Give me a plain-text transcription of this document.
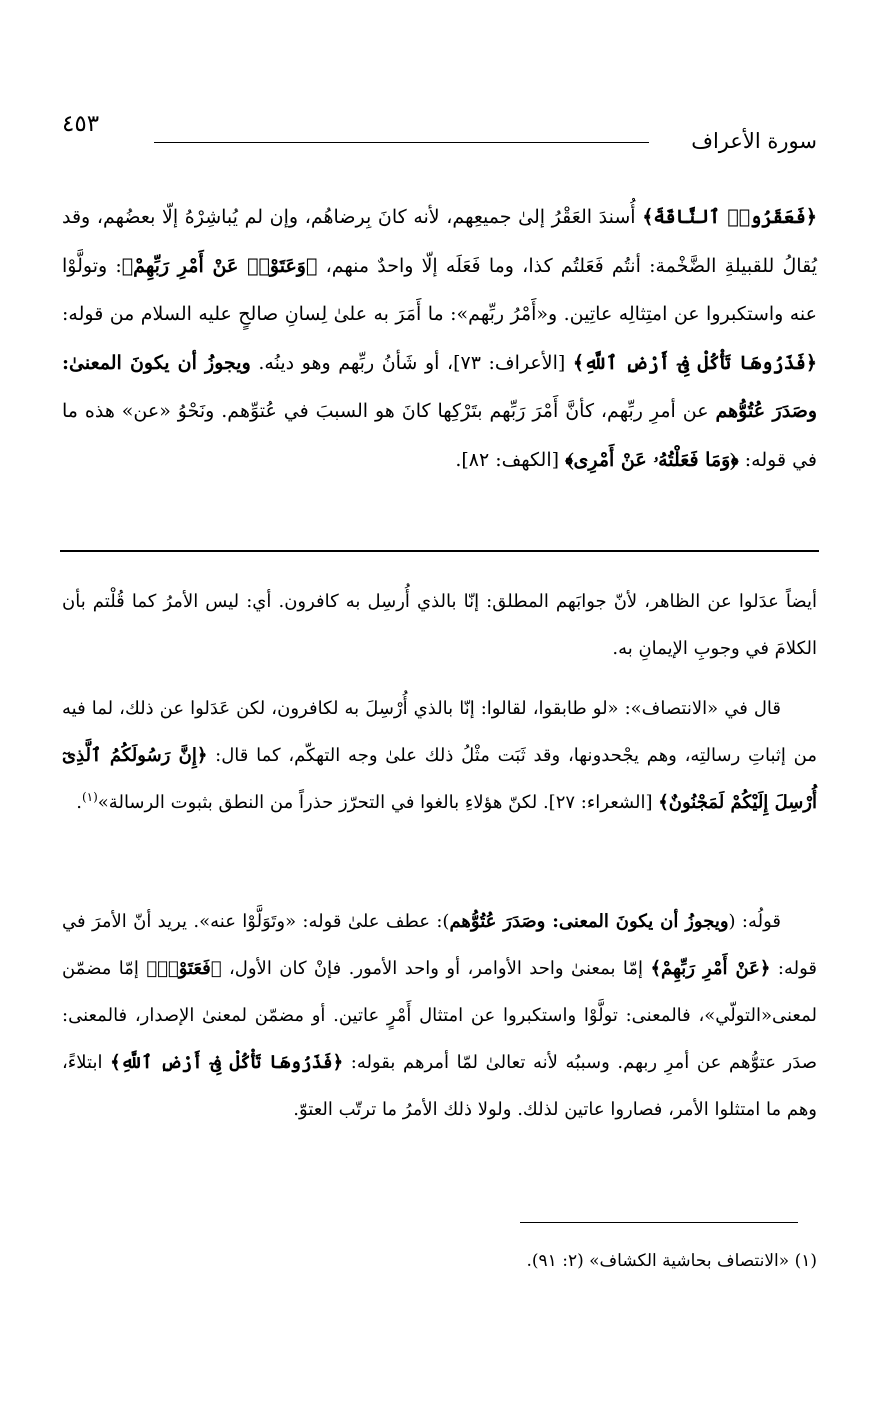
سورة الأعراف
٤٥٣

﴿فَعَقَرُوا۟ ٱلنَّاقَةَ﴾ أُسندَ العَقْرُ إلىٰ جميعِهم، لأنه كانَ بِرضاهُم، وإن لم يُباشِرْهُ إلّا بعضُهم، وقد يُقالُ للقبيلةِ الضَّخْمة: أنتُم فَعَلتُم كذا، وما فَعَلَه إلّا واحدٌ منهم، ﴿وَعَتَوْا۟ عَنْ أَمْرِ رَبِّهِمْ﴾: وتولَّوْا عنه واستكبروا عن امتِثالِه عاتِين. و«أَمْرُ ربِّهم»: ما أَمَرَ به علىٰ لِسانِ صالحٍ عليه السلام من قوله: ﴿فَذَرُوهَا تَأْكُلْ فِىٓ أَرْضِ ٱللَّهِ﴾ [الأعراف: ٧٣]، أو شَأنُ ربِّهم وهو دينُه. ويجوزُ أن يكونَ المعنىٰ: وصَدَرَ عُتُوُّهم عن أمرِ ربِّهم، كأنَّ أَمْرَ رَبِّهم بتَرْكِها كانَ هو السببَ في عُتوِّهم. ونَحْوُ «عن» هذه ما في قوله: ﴿وَمَا فَعَلْتُهُۥ عَنْ أَمْرِى﴾ [الكهف: ٨٢].

أيضاً عدَلوا عن الظاهر، لأنّ جوابَهم المطلق: إنّا بالذي أُرسِل به كافرون. أي: ليس الأمرُ كما قُلْتم بأن الكلامَ في وجوبِ الإيمانِ به.

قال في «الانتصاف»: «لو طابقوا، لقالوا: إنّا بالذي أُرْسِلَ به لكافرون، لكن عَدَلوا عن ذلك، لما فيه من إثباتِ رسالتِه، وهم يجْحدونها، وقد ثَبَت مثْلُ ذلك علىٰ وجه التهكّم، كما قال: ﴿إِنَّ رَسُولَكُمُ ٱلَّذِىٓ أُرْسِلَ إِلَيْكُمْ لَمَجْنُونٌ﴾ [الشعراء: ٢٧]. لكنّ هؤلاءِ بالغوا في التحرّز حذراً من النطق بثبوت الرسالة»$^{(١)}$.

قولُه: (ويجوزُ أن يكونَ المعنى: وصَدَرَ عُتُوُّهم): عطف علىٰ قوله: «وتَوَلَّوْا عنه». يريد أنّ الأمرَ في قوله: ﴿عَنْ أَمْرِ رَبِّهِمْ﴾ إمّا بمعنىٰ واحد الأوامر، أو واحد الأمور. فإنْ كان الأول، ﴿فَعَتَوْا۟﴾ إمّا مضمّن لمعنى«التولّي»، فالمعنى: تولَّوْا واستكبروا عن امتثال أَمْرٍ عاتين. أو مضمّن لمعنىٰ الإصدار، فالمعنى: صدَر عتوُّهم عن أمرِ ربهم. وسببُه لأنه تعالىٰ لمّا أمرهم بقوله: ﴿فَذَرُوهَا تَأْكُلْ فِىٓ أَرْضِ ٱللَّهِ﴾ ابتلاءً، وهم ما امتثلوا الأمر، فصاروا عاتين لذلك. ولولا ذلك الأمرُ ما ترتّب العتوّ.

(١) «الانتصاف بحاشية الكشاف» (٢: ٩١).
